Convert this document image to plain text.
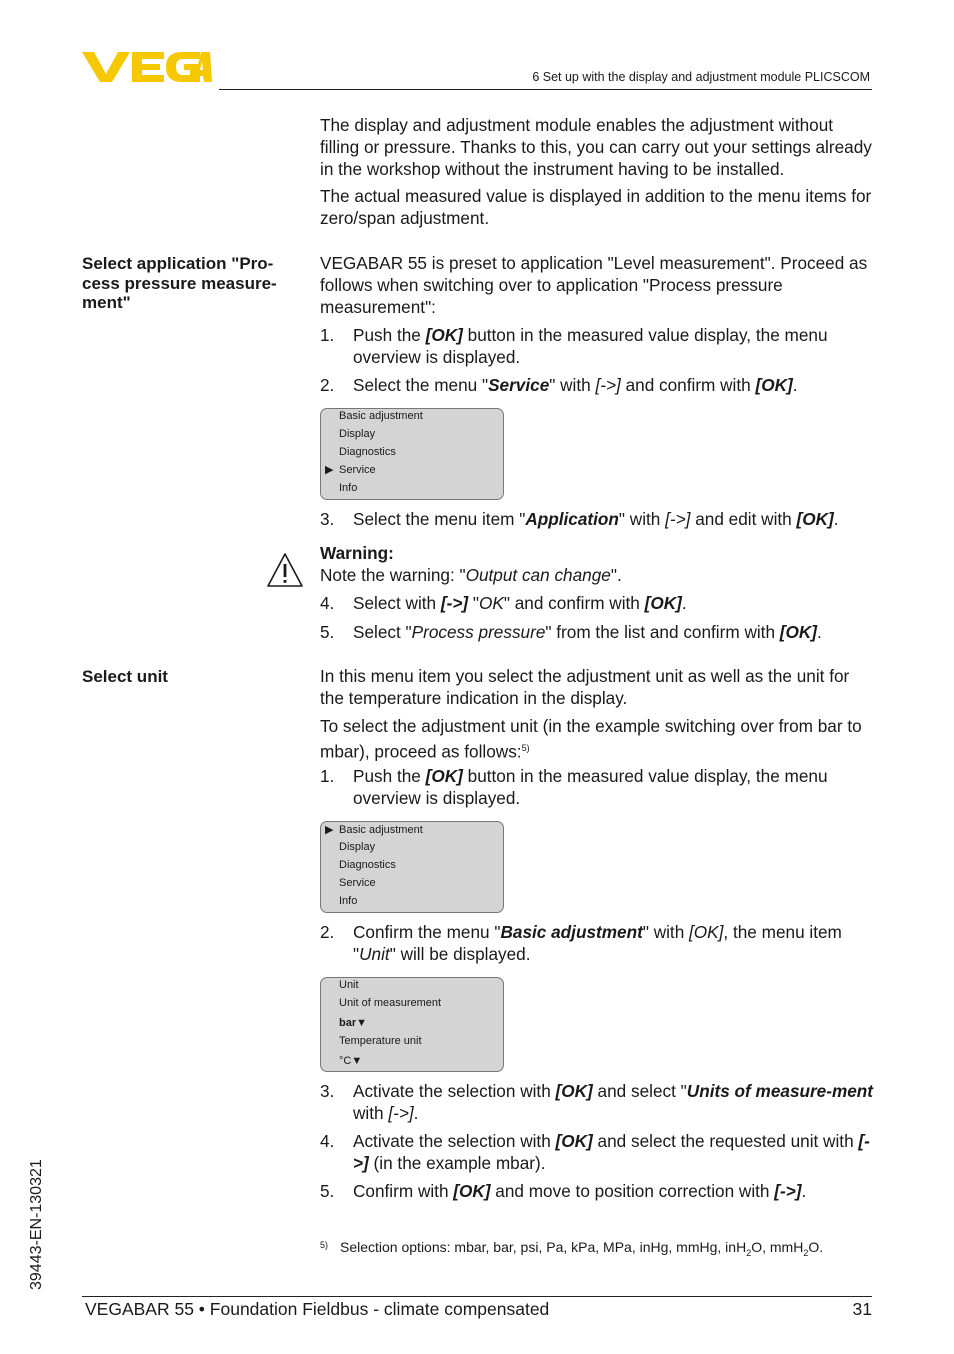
6 Set up with the display and adjustment module PLICSCOM
The display and adjustment module enables the adjustment without filling or pressure. Thanks to this, you can carry out your settings already in the workshop without the instrument having to be installed.
The actual measured value is displayed in addition to the menu items for zero/span adjustment.
Select application "Pro-cess pressure measure-ment"
VEGABAR 55 is preset to application "Level measurement". Proceed as follows when switching over to application "Process pressure measurement":
1. Push the [OK] button in the measured value display, the menu overview is displayed.
2. Select the menu "Service" with [->] and confirm with [OK].
Basic adjustment
Display
Diagnostics
▶ Service
Info
3. Select the menu item "Application" with [->] and edit with [OK].
Warning:
Note the warning: "Output can change".
4. Select with [->] "OK" and confirm with [OK].
5. Select "Process pressure" from the list and confirm with [OK].
Select unit	In this menu item you select the adjustment unit as well as the unit for the temperature indication in the display.
To select the adjustment unit (in the example switching over from bar to mbar), proceed as follows:$^{5)}$
1. Push the [OK] button in the measured value display, the menu overview is displayed.
▶ Basic adjustment
Display
Diagnostics
Service
Info
2. Confirm the menu "Basic adjustment" with [OK], the menu item "Unit" will be displayed.
Unit
Unit of measurement
bar▼
Temperature unit
°C▼
3. Activate the selection with [OK] and select "Units of measure-ment with [->].
4. Activate the selection with [OK] and select the requested unit with [->] (in the example mbar).
5. Confirm with [OK] and move to position correction with [->].
5) Selection options: mbar, bar, psi, Pa, kPa, MPa, inHg, mmHg, inH$_2$O, mmH$_2$O.
39443-EN-130321
VEGABAR 55 • Foundation Fieldbus - climate compensated	31
